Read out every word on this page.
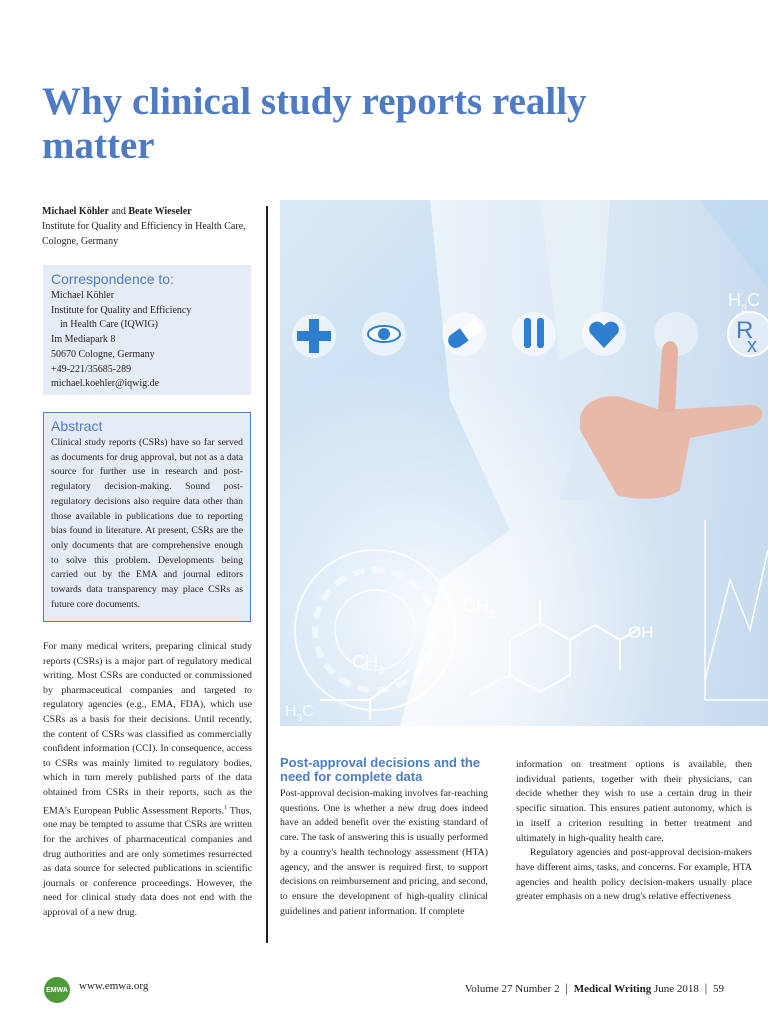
Why clinical study reports really matter
Michael Köhler and Beate Wieseler
Institute for Quality and Efficiency in Health Care, Cologne, Germany
Correspondence to:
Michael Köhler
Institute for Quality and Efficiency
in Health Care (IQWIG)
Im Mediapark 8
50670 Cologne, Germany
+49-221/35685-289
michael.koehler@iqwig.de
Abstract

Clinical study reports (CSRs) have so far served as documents for drug approval, but not as a data source for further use in research and post-regulatory decision-making. Sound post-regulatory decisions also require data other than those available in publications due to reporting bias found in literature. At present, CSRs are the only documents that are comprehensive enough to solve this problem. Developments being carried out by the EMA and journal editors towards data transparency may place CSRs as future core documents.

For many medical writers, preparing clinical study reports (CSRs) is a major part of regulatory medical writing. Most CSRs are conducted or commissioned by pharmaceutical companies and targeted to regulatory agencies (e.g., EMA, FDA), which use CSRs as a basis for their decisions. Until recently, the content of CSRs was classified as commercially confident information (CCI). In consequence, access to CSRs was mainly limited to regulatory bodies, which in turn merely published parts of the data obtained from CSRs in their reports, such as the EMA's European Public Assessment Reports.$^1$ Thus, one may be tempted to assume that CSRs are written for the archives of pharmaceutical companies and drug authorities and are only sometimes resurrected as data source for selected publications in scientific journals or conference proceedings. However, the need for clinical study data does not end with the approval of a new drug.

$CH_3$
$CH_3$
OH
$H_3C$
$H_3C$
R
x
Post-approval decisions and the need for complete data

Post-approval decision-making involves far-reaching questions. One is whether a new drug does indeed have an added benefit over the existing standard of care. The task of answering this is usually performed by a country's health technology assessment (HTA) agency, and the answer is required first, to support decisions on reimbursement and pricing, and second, to ensure the development of high-quality clinical guidelines and patient information. If complete

information on treatment options is available, then individual patients, together with their physicians, can decide whether they wish to use a certain drug in their specific situation. This ensures patient autonomy, which is in itself a criterion resulting in better treatment and ultimately in high-quality health care.

Regulatory agencies and post-approval decision-makers have different aims, tasks, and concerns. For example, HTA agencies and health policy decision-makers usually place greater emphasis on a new drug's relative effectiveness

EMWA www.emwa.org	Volume 27 Number 2 | Medical Writing June 2018 | 59
